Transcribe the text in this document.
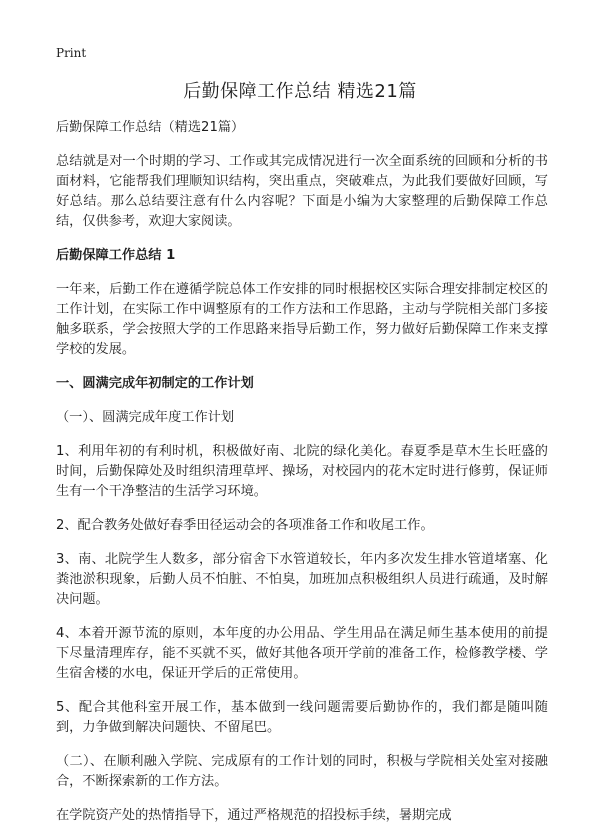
Print
后勤保障工作总结 精选21篇

后勤保障工作总结（精选21篇）

总结就是对一个时期的学习、工作或其完成情况进行一次全面系统的回顾和分析的书面材料，它能帮我们理顺知识结构，突出重点，突破难点，为此我们要做好回顾，写好总结。那么总结要注意有什么内容呢？下面是小编为大家整理的后勤保障工作总结，仅供参考，欢迎大家阅读。

后勤保障工作总结 1

一年来，后勤工作在遵循学院总体工作安排的同时根据校区实际合理安排制定校区的工作计划，在实际工作中调整原有的工作方法和工作思路，主动与学院相关部门多接触多联系，学会按照大学的工作思路来指导后勤工作，努力做好后勤保障工作来支撑学校的发展。

一、圆满完成年初制定的工作计划

（一）、圆满完成年度工作计划

1、利用年初的有利时机，积极做好南、北院的绿化美化。春夏季是草木生长旺盛的时间，后勤保障处及时组织清理草坪、操场，对校园内的花木定时进行修剪，保证师生有一个干净整洁的生活学习环境。

2、配合教务处做好春季田径运动会的各项准备工作和收尾工作。

3、南、北院学生人数多，部分宿舍下水管道较长，年内多次发生排水管道堵塞、化粪池淤积现象，后勤人员不怕脏、不怕臭，加班加点积极组织人员进行疏通，及时解决问题。

4、本着开源节流的原则，本年度的办公用品、学生用品在满足师生基本使用的前提下尽量清理库存，能不买就不买，做好其他各项开学前的准备工作，检修教学楼、学生宿舍楼的水电，保证开学后的正常使用。

5、配合其他科室开展工作，基本做到一线问题需要后勤协作的，我们都是随叫随到，力争做到解决问题快、不留尾巴。

（二）、在顺利融入学院、完成原有的工作计划的同时，积极与学院相关处室对接融合，不断探索新的工作方法。

在学院资产处的热情指导下，通过严格规范的招投标手续，暑期完成
